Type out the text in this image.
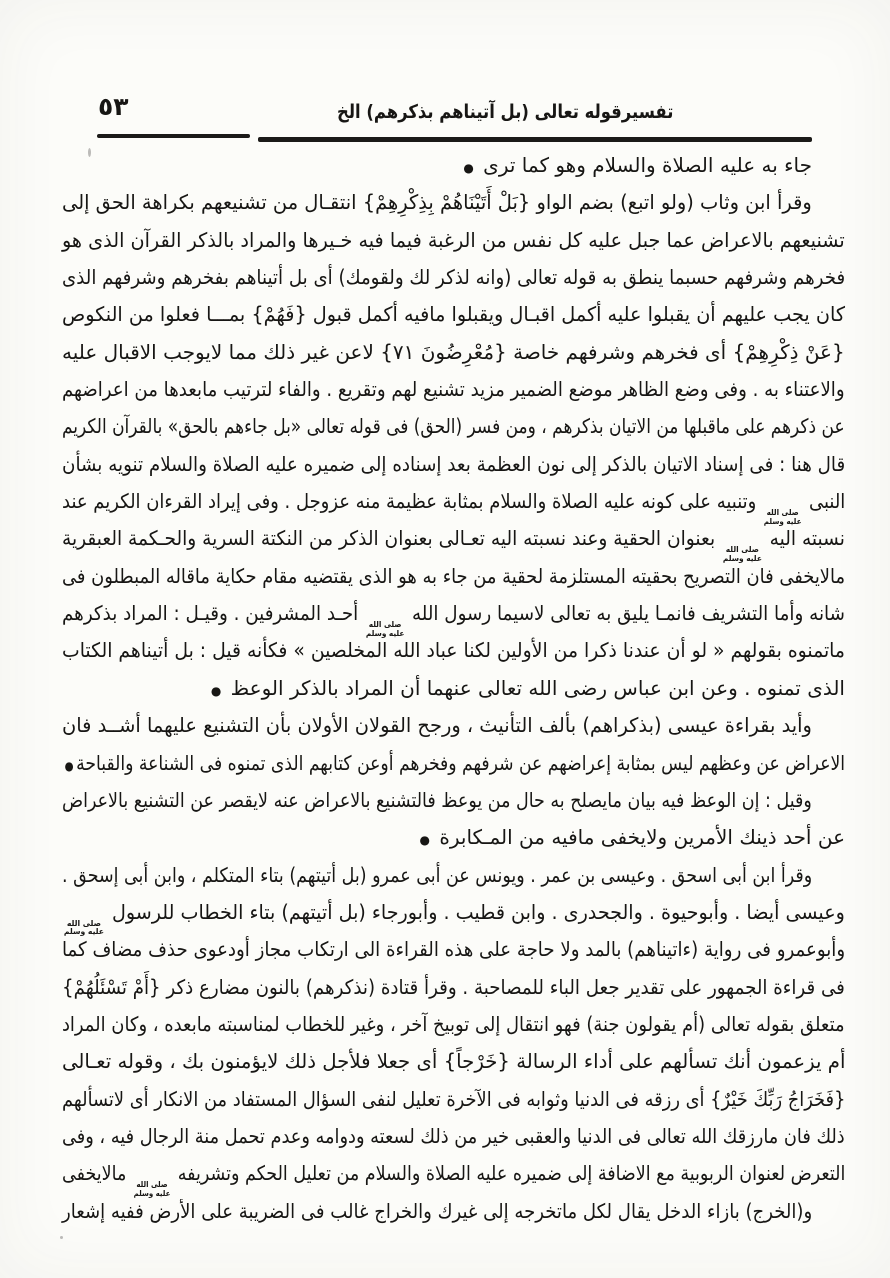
٥٣	تفسيرقوله تعالى (بل آتيناهم بذكرهم) الخ
جاء به عليه الصلاة والسلام وهو كما ترى ●
وقرأ ابن وثاب (ولو اتبع) بضم الواو {بَلْ أَتَيْنَاهُمْ بِذِكْرِهِمْ} انتقـال من تشنيعهم بكراهة الحق إلى
تشنيعهم بالاعراض عما جبل عليه كل نفس من الرغبة فيما فيه خـيرها والمراد بالذكر القرآن الذى هو
فخرهم وشرفهم حسبما ينطق به قوله تعالى (وانه لذكر لك ولقومك) أى بل أتيناهم بفخرهم وشرفهم الذى
كان يجب عليهم أن يقبلوا عليه أكمل اقبـال ويقبلوا مافيه أكمل قبول {فَهُمْ} بمـــا فعلوا من النكوص
{عَنْ ذِكْرِهِمْ} أى فخرهم وشرفهم خاصة {مُعْرِضُونَ ٧١} لاعن غير ذلك مما لايوجب الاقبال عليه
والاعتناء به . وفى وضع الظاهر موضع الضمير مزيد تشنيع لهم وتقريع . والفاء لترتيب مابعدها من اعراضهم
عن ذكرهم على ماقبلها من الاتيان بذكرهم ، ومن فسر (الحق) فى قوله تعالى «بل جاءهم بالحق» بالقرآن الكريم
قال هنا : فى إسناد الاتيان بالذكر إلى نون العظمة بعد إسناده إلى ضميره عليه الصلاة والسلام تنويه بشأن
النبى
صلى الله
عليه وسلم
وتنبيه على كونه عليه الصلاة والسلام بمثابة عظيمة منه عزوجل . وفى إيراد القرءان الكريم عند
نسبته اليه
صلى الله
عليه وسلم
بعنوان الحقية وعند نسبته اليه تعـالى بعنوان الذكر من النكتة السرية والحـكمة العبقرية
مالايخفى فان التصريح بحقيته المستلزمة لحقية من جاء به هو الذى يقتضيه مقام حكاية ماقاله المبطلون فى
شانه وأما التشريف فانمـا يليق به تعالى لاسيما رسول الله
صلى الله
عليه وسلم
أحـد المشرفين . وقيـل : المراد بذكرهم
ماتمنوه بقولهم « لو أن عندنا ذكرا من الأولين لكنا عباد الله المخلصين » فكأنه قيل : بل أتيناهم الكتاب
الذى تمنوه . وعن ابن عباس رضى الله تعالى عنهما أن المراد بالذكر الوعظ ●
وأيد بقراءة عيسى (بذكراهم) بألف التأنيث ، ورجح القولان الأولان بأن التشنيع عليهما أشــد فان
الاعراض عن وعظهم ليس بمثابة إعراضهم عن شرفهم وفخرهم أوعن كتابهم الذى تمنوه فى الشناعة والقباحة●
وقيل : إن الوعظ فيه بيان مايصلح به حال من يوعظ فالتشنيع بالاعراض عنه لايقصر عن التشنيع بالاعراض
عن أحد ذينك الأمرين ولايخفى مافيه من المـكابرة ●
وقرأ ابن أبى اسحق . وعيسى بن عمر . ويونس عن أبى عمرو (بل أتيتهم) بتاء المتكلم ، وابن أبى إسحق .
وعيسى أيضا . وأبوحيوة . والجحدرى . وابن قطيب . وأبورجاء (بل أتيتهم) بتاء الخطاب للرسول
صلى الله
عليه وسلم
وأبوعمرو فى رواية (ءاتيناهم) بالمد ولا حاجة على هذه القراءة الى ارتكاب مجاز أودعوى حذف مضاف كما
فى قراءة الجمهور على تقدير جعل الباء للمصاحبة . وقرأ قتادة (نذكرهم) بالنون مضارع ذكر {أَمْ تَسْئَلُهُمْ}
متعلق بقوله تعالى (أم يقولون جنة) فهو انتقال إلى توبيخ آخر ، وغير للخطاب لمناسبته مابعده ، وكان المراد
أم يزعمون أنك تسألهم على أداء الرسالة {خَرْجاً} أى جعلا فلأجل ذلك لايؤمنون بك ، وقوله تعـالى
{فَخَرَاجُ رَبِّكَ خَيْرٌ} أى رزقه فى الدنيا وثوابه فى الآخرة تعليل لنفى السؤال المستفاد من الانكار أى لاتسألهم
ذلك فان مارزقك الله تعالى فى الدنيا والعقبى خير من ذلك لسعته ودوامه وعدم تحمل منة الرجال فيه ، وفى
التعرض لعنوان الربوبية مع الاضافة إلى ضميره عليه الصلاة والسلام من تعليل الحكم وتشريفه
صلى الله
عليه وسلم
مالايخفى
و(الخرج) بازاء الدخل يقال لكل ماتخرجه إلى غيرك والخراج غالب فى الضريبة على الأرض ففيه إشعار
